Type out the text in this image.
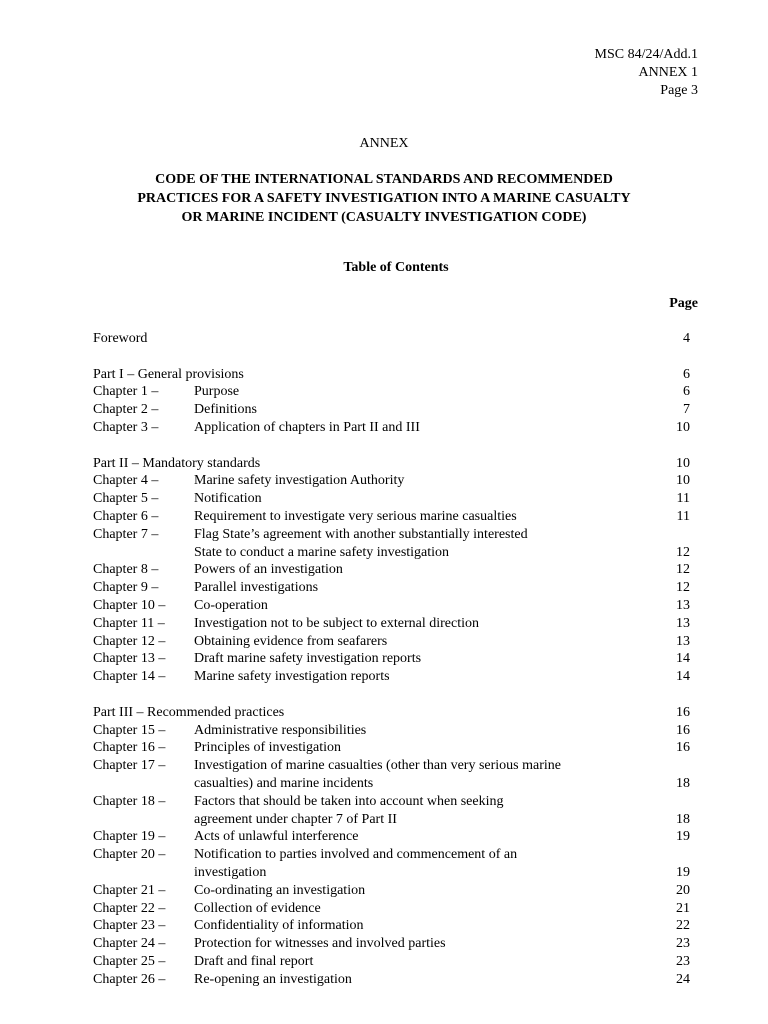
MSC 84/24/Add.1
ANNEX 1
Page 3
ANNEX
CODE OF THE INTERNATIONAL STANDARDS AND RECOMMENDED
PRACTICES FOR A SAFETY INVESTIGATION INTO A MARINE CASUALTY
OR MARINE INCIDENT (CASUALTY INVESTIGATION CODE)
Table of Contents
Page
Foreword	4
Part I – General provisions	6
Chapter 1 –	Purpose	6
Chapter 2 –	Definitions	7
Chapter 3 –	Application of chapters in Part II and III	10
Part II – Mandatory standards	10
Chapter 4 –	Marine safety investigation Authority	10
Chapter 5 –	Notification	11
Chapter 6 –	Requirement to investigate very serious marine casualties	11
Chapter 7 –	Flag State’s agreement with another substantially interested
State to conduct a marine safety investigation	12
Chapter 8 –	Powers of an investigation	12
Chapter 9 –	Parallel investigations	12
Chapter 10 – Co-operation	13
Chapter 11 – Investigation not to be subject to external direction	13
Chapter 12 – Obtaining evidence from seafarers	13
Chapter 13 – Draft marine safety investigation reports	14
Chapter 14 – Marine safety investigation reports	14
Part III – Recommended practices	16
Chapter 15 – Administrative responsibilities	16
Chapter 16 – Principles of investigation	16
Chapter 17 – Investigation of marine casualties (other than very serious marine
casualties) and marine incidents	18
Chapter 18 – Factors that should be taken into account when seeking
agreement under chapter 7 of Part II	18
Chapter 19 – Acts of unlawful interference	19
Chapter 20 – Notification to parties involved and commencement of an
investigation	19
Chapter 21 – Co-ordinating an investigation	20
Chapter 22 – Collection of evidence	21
Chapter 23 – Confidentiality of information	22
Chapter 24 – Protection for witnesses and involved parties	23
Chapter 25 – Draft and final report	23
Chapter 26 – Re-opening an investigation	24
